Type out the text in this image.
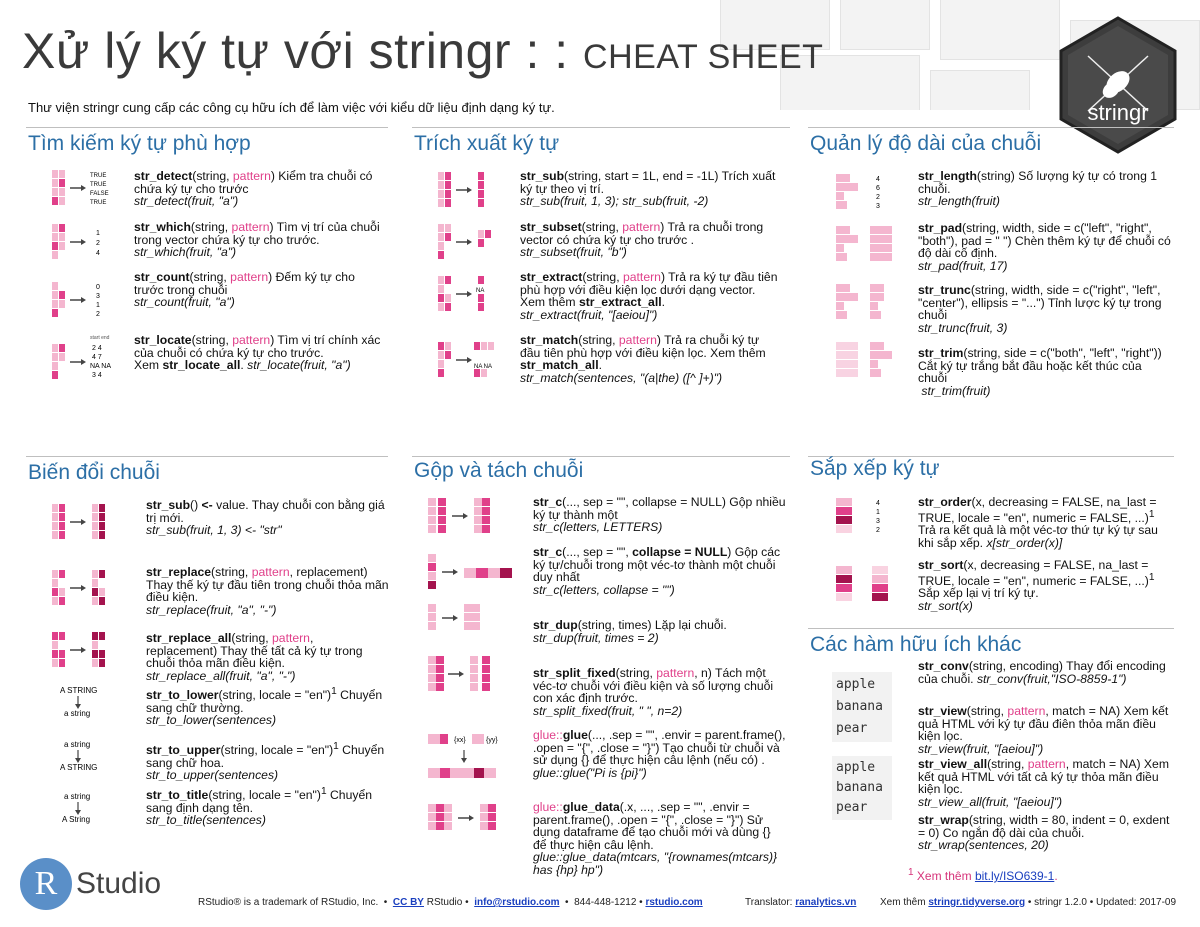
Xử lý ký tự với stringr : : CHEAT SHEET
stringr
Thư viện stringr cung cấp các công cụ hữu ích để làm việc với kiểu dữ liệu định dạng ký tự.
Tìm kiếm ký tự phù hợp	Trích xuất ký tự	Quản lý độ dài của chuỗi
Biến đổi chuỗi	Gộp và tách chuỗi	Sắp xếp ký tự
Các hàm hữu ích khác
TRUE
TRUE
FALSE
TRUE
1
2
4
0
3
1
2
start end
2 4
4 7
NA NA
3 4
NA
NA NA
4
6
2
3
A STRING
a string
a string
A STRING
a string
A String
{xx}	{yy}
4
1
3
2
apple
banana
pear
apple
banana
pear
str_detect(string, pattern) Kiểm tra chuỗi có chứa ký tự cho trước
str_detect(fruit, "a")
str_which(string, pattern) Tìm vị trí của chuỗi trong vector chứa ký tự cho trước.
str_which(fruit, "a")
str_count(string, pattern) Đếm ký tự cho trước trong chuỗi
str_count(fruit, "a")
str_locate(string, pattern) Tìm vị trí chính xác của chuỗi có chứa ký tự cho trước.
Xem str_locate_all. str_locate(fruit, "a")
str_sub() <- value. Thay chuỗi con bằng giá trị mới.
str_sub(fruit, 1, 3) <- "str"
str_replace(string, pattern, replacement) Thay thế ký tự đầu tiên trong chuỗi thỏa mãn điều kiện.
str_replace(fruit, "a", "-")
str_replace_all(string, pattern, replacement) Thay thế tất cả ký tự trong chuỗi thỏa mãn điều kiện.
str_replace_all(fruit, "a", "-")
str_to_lower(string, locale = "en")$^1$ Chuyển sang chữ thường.
str_to_lower(sentences)
str_to_upper(string, locale = "en")$^1$ Chuyển sang chữ hoa.
str_to_upper(sentences)
str_to_title(string, locale = "en")$^1$ Chuyển sang định dạng tên.
str_to_title(sentences)
str_sub(string, start = 1L, end = -1L) Trích xuất ký tự theo vị trí.
str_sub(fruit, 1, 3); str_sub(fruit, -2)
str_subset(string, pattern) Trả ra chuỗi trong vector có chứa ký tự cho trước .
str_subset(fruit, "b")
str_extract(string, pattern) Trả ra ký tự đầu tiên phù hợp với điều kiện lọc dưới dạng vector. Xem thêm str_extract_all.
str_extract(fruit, "[aeiou]")
str_match(string, pattern) Trả ra chuỗi ký tự đầu tiên phù hợp với điều kiện lọc. Xem thêm str_match_all.
str_match(sentences, "(a|the) ([^ ]+)")
str_c(..., sep = "", collapse = NULL) Gộp nhiều ký tự thành một
str_c(letters, LETTERS)
str_c(..., sep = "", collapse = NULL) Gộp các ký tự/chuỗi trong một véc-tơ thành một chuỗi duy nhất
str_c(letters, collapse = "")
str_dup(string, times) Lặp lại chuỗi.
str_dup(fruit, times = 2)
str_split_fixed(string, pattern, n) Tách một véc-tơ chuỗi với điều kiện và số lượng chuỗi con xác định trước.
str_split_fixed(fruit, " ", n=2)
glue::glue(..., .sep = "", .envir = parent.frame(), .open = "{", .close = "}") Tạo chuỗi từ chuỗi và sử dụng {} để thực hiện câu lệnh (nếu có) .
glue::glue("Pi is {pi}")
glue::glue_data(.x, ..., .sep = "", .envir = parent.frame(), .open = "{", .close = "}") Sử dụng dataframe để tạo chuỗi mới và dùng {} để thực hiện câu lệnh.
glue::glue_data(mtcars, "{rownames(mtcars)} has {hp} hp")
str_length(string) Số lượng ký tự có trong 1 chuỗi.
str_length(fruit)
str_pad(string, width, side = c("left", "right", "both"), pad = " ") Chèn thêm ký tự để chuỗi có độ dài cố định.
str_pad(fruit, 17)
str_trunc(string, width, side = c("right", "left", "center"), ellipsis = "...") Tỉnh lược ký tự trong chuỗi
str_trunc(fruit, 3)
str_trim(string, side = c("both", "left", "right")) Cắt ký tự trắng bắt đầu hoặc kết thúc của chuỗi
str_trim(fruit)
str_order(x, decreasing = FALSE, na_last = TRUE, locale = "en", numeric = FALSE, ...)$^1$ Trả ra kết quả là một véc-tơ thứ tự ký tự sau khi sắp xếp. x[str_order(x)]
str_sort(x, decreasing = FALSE, na_last = TRUE, locale = "en", numeric = FALSE, ...)$^1$ Sắp xếp lại vị trí ký tự.
str_sort(x)
str_conv(string, encoding) Thay đổi encoding của chuỗi. str_conv(fruit,"ISO-8859-1")
str_view(string, pattern, match = NA) Xem kết quả HTML với ký tự đầu điên thỏa mãn điều kiện lọc.
str_view(fruit, "[aeiou]")
str_view_all(string, pattern, match = NA) Xem kết quả HTML với tất cả ký tự thỏa mãn điều kiện lọc.
str_view_all(fruit, "[aeiou]")
str_wrap(string, width = 80, indent = 0, exdent = 0) Co ngắn độ dài của chuỗi.
str_wrap(sentences, 20)
$^1$ Xem thêm bit.ly/ISO639-1.
R Studio
RStudio® is a trademark of RStudio, Inc.  •  CC BY RStudio •  info@rstudio.com  •  844-448-1212 • rstudio.com	Translator: ranalytics.vn Xem thêm stringr.tidyverse.org • stringr 1.2.0 • Updated: 2017-09
